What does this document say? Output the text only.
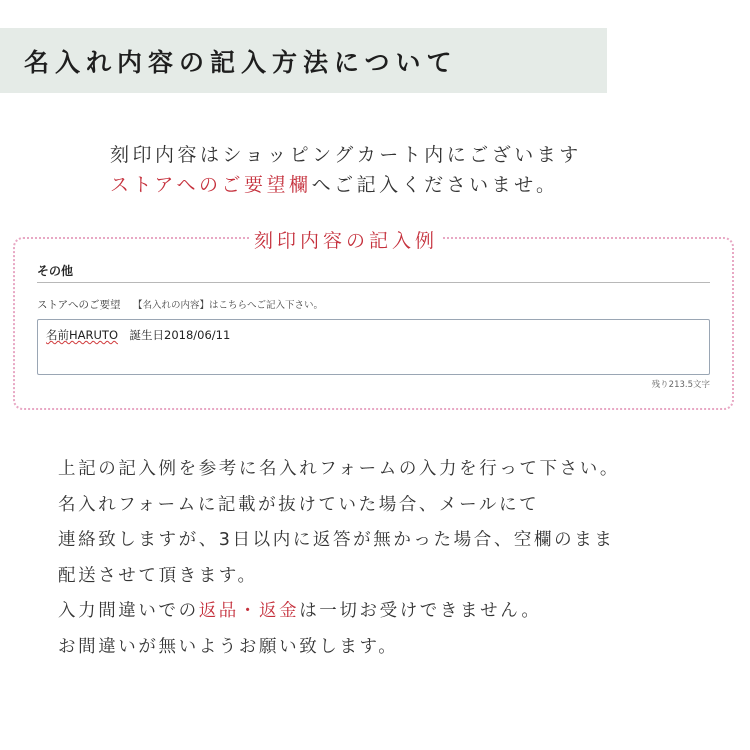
名入れ内容の記入方法について
刻印内容はショッピングカート内にございます
ストアへのご要望欄へご記入くださいませ。
刻印内容の記入例
その他
ストアへのご要望 【名入れの内容】はこちらへご記入下さい。
名前HARUTO　誕生日2018/06/11
残り213.5文字
上記の記入例を参考に名入れフォームの入力を行って下さい。
名入れフォームに記載が抜けていた場合、メールにて
連絡致しますが、3日以内に返答が無かった場合、空欄のまま
配送させて頂きます。
入力間違いでの返品・返金は一切お受けできません。
お間違いが無いようお願い致します。
